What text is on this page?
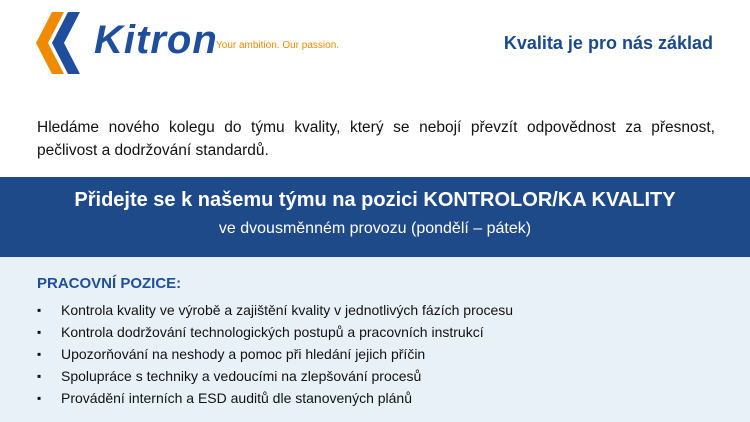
Kitron
Your ambition. Our passion.	Kvalita je pro nás základ
Hledáme nového kolegu do týmu kvality, který se nebojí převzít odpovědnost za přesnost, pečlivost a dodržování standardů.
Přidejte se k našemu týmu na pozici KONTROLOR/KA KVALITY
ve dvousměnném provozu (pondělí – pátek)
PRACOVNÍ POZICE:
▪ Kontrola kvality ve výrobě a zajištění kvality v jednotlivých fázích procesu
▪ Kontrola dodržování technologických postupů a pracovních instrukcí
▪ Upozorňování na neshody a pomoc při hledání jejich příčin
▪ Spolupráce s techniky a vedoucími na zlepšování procesů
▪ Provádění interních a ESD auditů dle stanovených plánů
